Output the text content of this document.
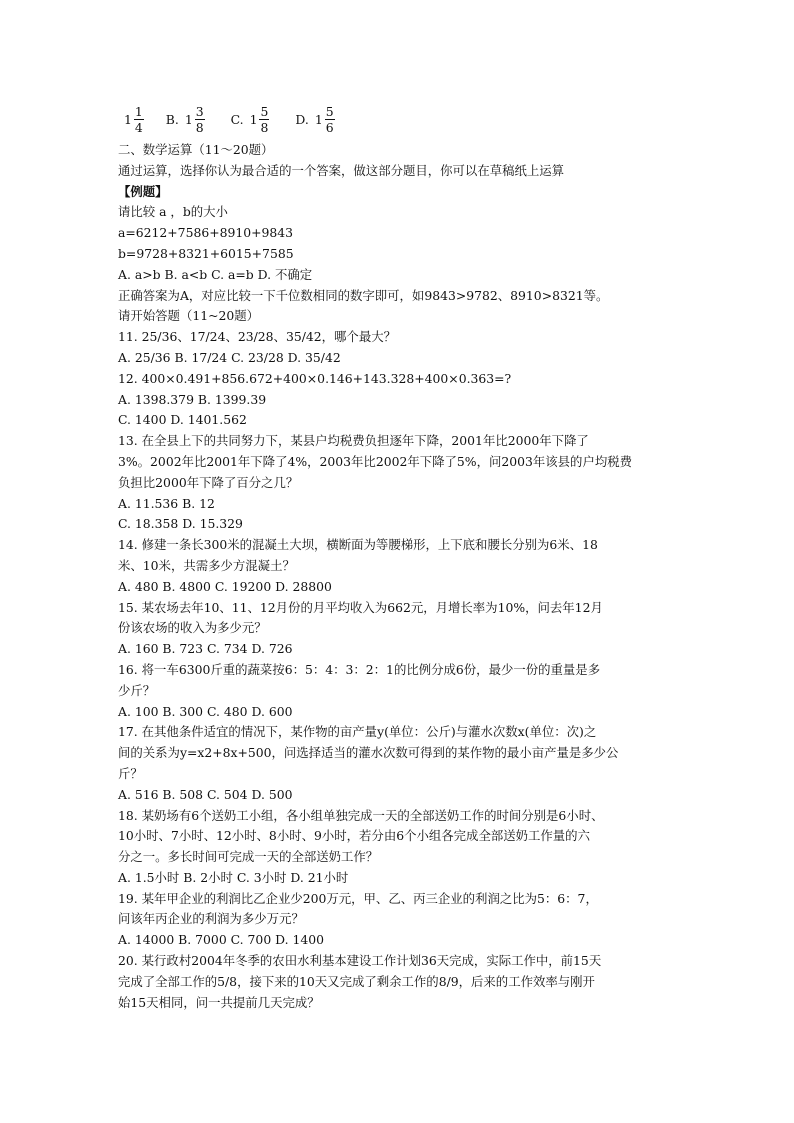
$1 \frac{1}{4} B$. $1 \frac{3}{8} C$. $1 \frac{5}{8} D$. $1 \frac{5}{6}$
二、数学运算（11～20题）
通过运算，选择你认为最合适的一个答案，做这部分题目，你可以在草稿纸上运算
【例题】
请比较 a ，b的大小
a=6212+7586+8910+9843
b=9728+8321+6015+7585
A. a>b B. a<b C. a=b D. 不确定
正确答案为A，对应比较一下千位数相同的数字即可，如9843>9782、8910>8321等。
请开始答题（11~20题）
11. 25/36、17/24、23/28、35/42，哪个最大？
A. 25/36 B. 17/24 C. 23/28 D. 35/42
12. 400×0.491+856.672+400×0.146+143.328+400×0.363=?
A. 1398.379 B. 1399.39
C. 1400 D. 1401.562
13. 在全县上下的共同努力下，某县户均税费负担逐年下降，2001年比2000年下降了
3%。2002年比2001年下降了4%，2003年比2002年下降了5%，问2003年该县的户均税费
负担比2000年下降了百分之几？
A. 11.536 B. 12
C. 18.358 D. 15.329
14. 修建一条长300米的混凝土大坝，横断面为等腰梯形，上下底和腰长分别为6米、18
米、10米，共需多少方混凝土？
A. 480 B. 4800 C. 19200 D. 28800
15. 某农场去年10、11、12月份的月平均收入为662元，月增长率为10%，问去年12月
份该农场的收入为多少元？
A. 160 B. 723 C. 734 D. 726
16. 将一车6300斤重的蔬菜按6：5：4：3：2：1的比例分成6份，最少一份的重量是多
少斤？
A. 100 B. 300 C. 480 D. 600
17. 在其他条件适宜的情况下，某作物的亩产量y(单位：公斤)与灌水次数x(单位：次)之
间的关系为y=x2+8x+500，问选择适当的灌水次数可得到的某作物的最小亩产量是多少公
斤？
A. 516 B. 508 C. 504 D. 500
18. 某奶场有6个送奶工小组，各小组单独完成一天的全部送奶工作的时间分别是6小时、
10小时、7小时、12小时、8小时、9小时，若分由6个小组各完成全部送奶工作量的六
分之一。多长时间可完成一天的全部送奶工作？
A. 1.5小时 B. 2小时 C. 3小时 D. 21小时
19. 某年甲企业的利润比乙企业少200万元，甲、乙、丙三企业的利润之比为5：6：7，
问该年丙企业的利润为多少万元？
A. 14000 B. 7000 C. 700 D. 1400
20. 某行政村2004年冬季的农田水利基本建设工作计划36天完成，实际工作中，前15天
完成了全部工作的5/8，接下来的10天又完成了剩余工作的8/9，后来的工作效率与刚开
始15天相同，问一共提前几天完成？
